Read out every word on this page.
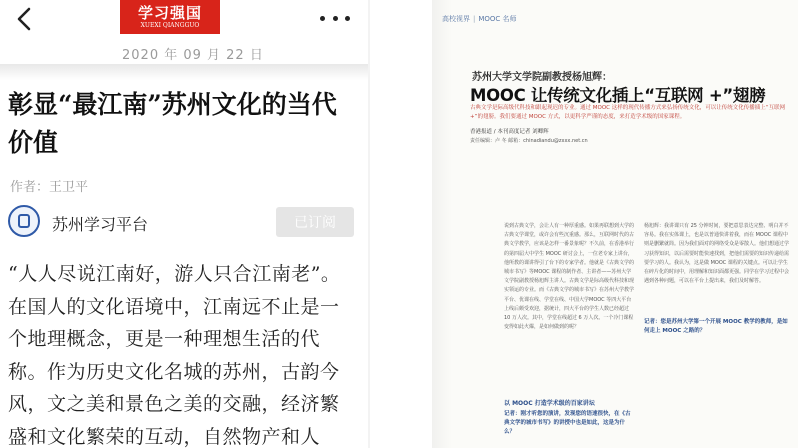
学习强国
XUEXI QIANGGUO
2020 年 09 月 22 日
彰显“最江南”苏州文化的当代价值
作者：王卫平
苏州学习平台	已订阅

“人人尽说江南好，游人只合江南老”。在国人的文化语境中，江南远不止是一个地理概念，更是一种理想生活的代称。作为历史文化名城的苏州，古韵今风，文之美和景色之美的交融，经济繁盛和文化繁荣的互动，自然物产和人

高校视界 | MOOC 名师
苏州大学文学院副教授杨旭辉：
MOOC 让传统文化插上“互联网 +”翅膀
古典文学是际高级代科技和跟起现迟的专业。通过 MOOC 这样的现代传播方式来弘扬传统文化，可以让传统文化传播插上“互联网 +”的翅膀。我们要通过 MOOC 方式，以更科学严谨的态度，来打造学术级的国家课程。
香港报道 / 本刊高度记者 刘卿辉
责任编辑：卢 冬 邮箱：chinadiandu@zxxx.net.cn
说到古典文学，会让人有一种厚重感。如果再联想到大学的古典文学课堂，或许会有些沉重感。那么，互联网时代的古典文学教学，应该是怎样一番景象呢？不久前，在香港举行的第四届大中学生 MOOC 研讨会上，一位老专家上讲台，他所教的课讲得引了台下的专家学者。他就是《古典文学的城市书写》等MOOC 课程的制作者、主讲者——苏州大学文学院副教授杨旭辉主讲人。古典文学是际高级代科技和现实领运的专业。而《古典文学的城市书写》在苏州大学教学平台、优课在线、学堂在线、中国大学MOOC 等四大平台上线后颇受欢迎，据统计，四大平台的学生人数已经超过 10 万人次。其中，学堂在线超过 6 万人次。一个冷门课程变得如此火爆，是如何做到的呢？
杨旭辉：我讲课只有 25 分钟时间，要把意思表达完整、明白并不容易。我在实体课上，也是以普通快讲着我，而在 MOOC 课程中则是删繁就简。因为我们面对的网络受众是零散人。他们想通过学习获得知识，以后需要时能快速找到，把他们需要的知识传递给需要学习的人。我认为，这是做 MOOC 课程的关键点。可以让学生在碎片化的时间中，用理解和知识面都更强。同学在学习过程中会遇到各种问题，可以在平台上提出来，我们及时解答。
记者：您是苏州大学第一个开展 MOOC 教学的教师，是如何走上 MOOC 之路的？
以 MOOC 打造学术级的百家讲坛
记者：刚才听您的演讲，发现您的语速很快，在《古典文学的城市书写》的讲授中也是如此，这是为什么？
